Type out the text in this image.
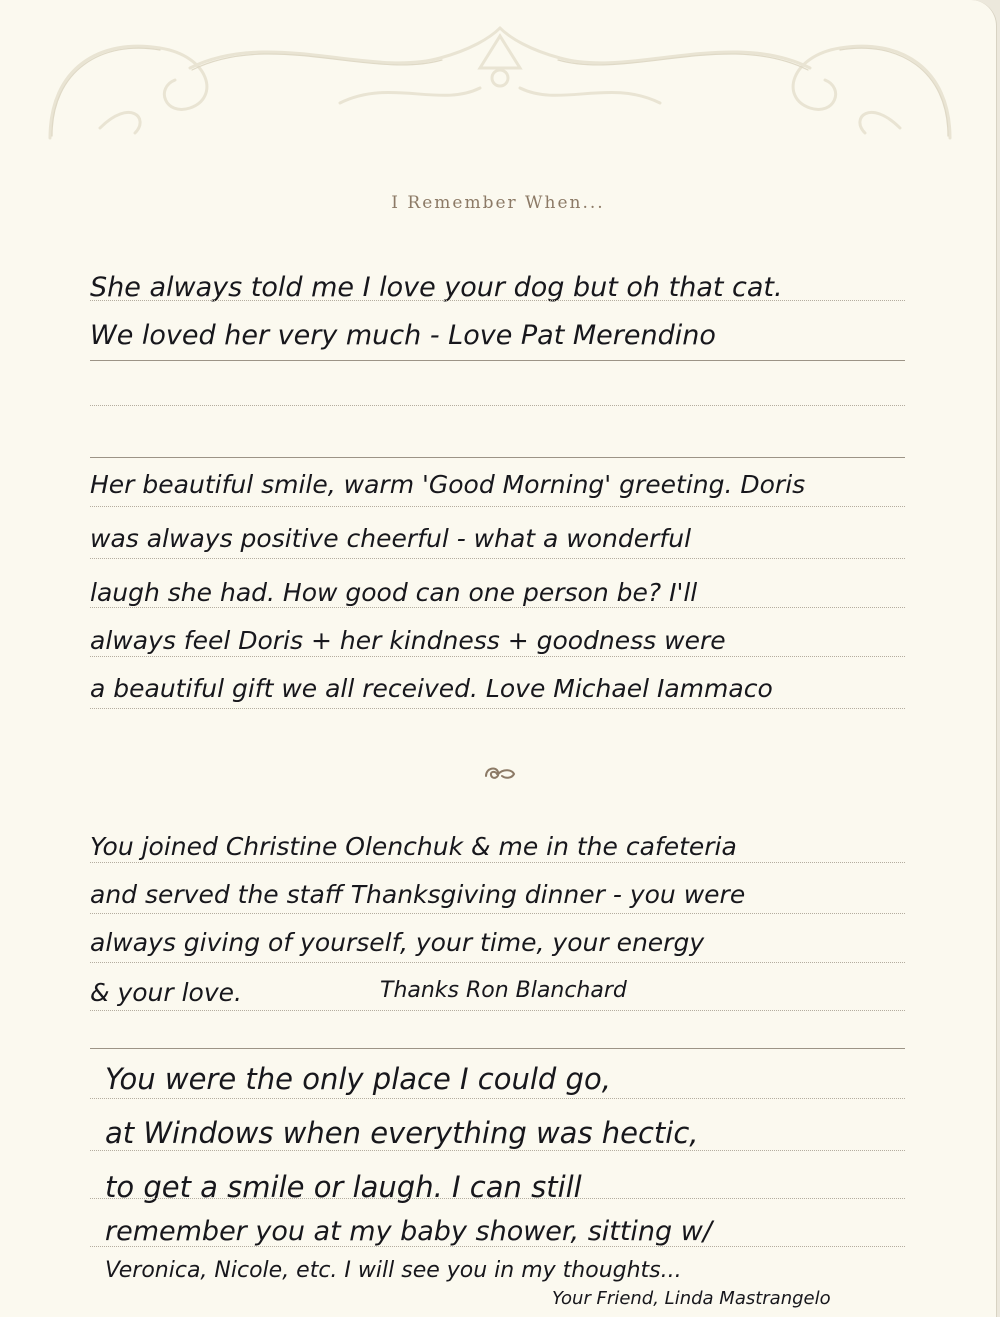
I Remember When...
She always told me I love your dog but oh that cat.
We loved her very much - Love Pat Merendino
Her beautiful smile, warm 'Good Morning' greeting. Doris
was always positive cheerful - what a wonderful
laugh she had. How good can one person be? I'll
always feel Doris + her kindness + goodness were
a beautiful gift we all received. Love Michael Iammaco
You joined Christine Olenchuk & me in the cafeteria
and served the staff Thanksgiving dinner - you were
always giving of yourself, your time, your energy
& your love.	Thanks Ron Blanchard
You were the only place I could go,
at Windows when everything was hectic,
to get a smile or laugh. I can still
remember you at my baby shower, sitting w/
Veronica, Nicole, etc. I will see you in my thoughts...
Your Friend, Linda Mastrangelo
